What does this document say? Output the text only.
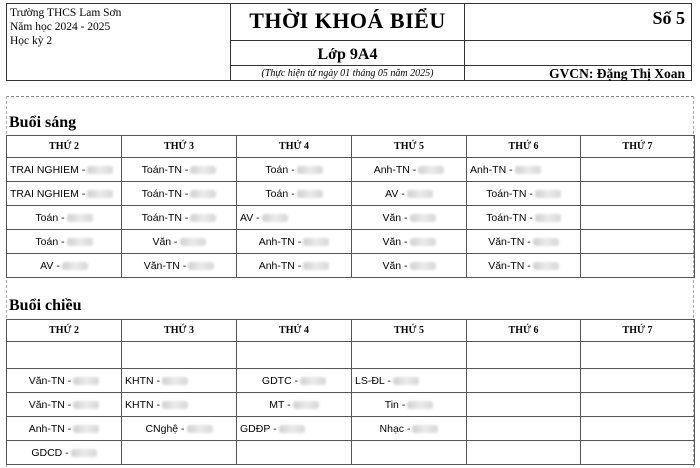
Trường THCS Lam Sơn
Năm học 2024 - 2025
Học kỳ 2
THỜI KHOÁ BIỂU
Lớp 9A4
(Thực hiện từ ngày 01 tháng 05 năm 2025)
Số 5
GVCN: Đặng Thị Xoan
Buổi sáng
THỨ 2	THỨ 3	THỨ 4	THỨ 5	THỨ 6	THỨ 7

TRAI NGHIEM -	Toán-TN -	Toán -	Anh-TN -	Anh-TN -	

TRAI NGHIEM -	Toán-TN -	Toán -	AV -	Toán-TN -	

Toán -	Toán-TN -	AV -	Văn -	Toán-TN -	

Toán -	Văn -	Anh-TN -	Văn -	Văn-TN -	

AV -	Văn-TN -	Anh-TN -	Văn -	Văn-TN -	

Buổi chiều
THỨ 2	THỨ 3	THỨ 4	THỨ 5	THỨ 6	THỨ 7

Văn-TN -	KHTN -	GDTC -	LS-ĐL -		

Văn-TN -	KHTN -	MT -	Tin -		

Anh-TN -	CNghệ -	GDĐP -	Nhạc -		

GDCD -					
